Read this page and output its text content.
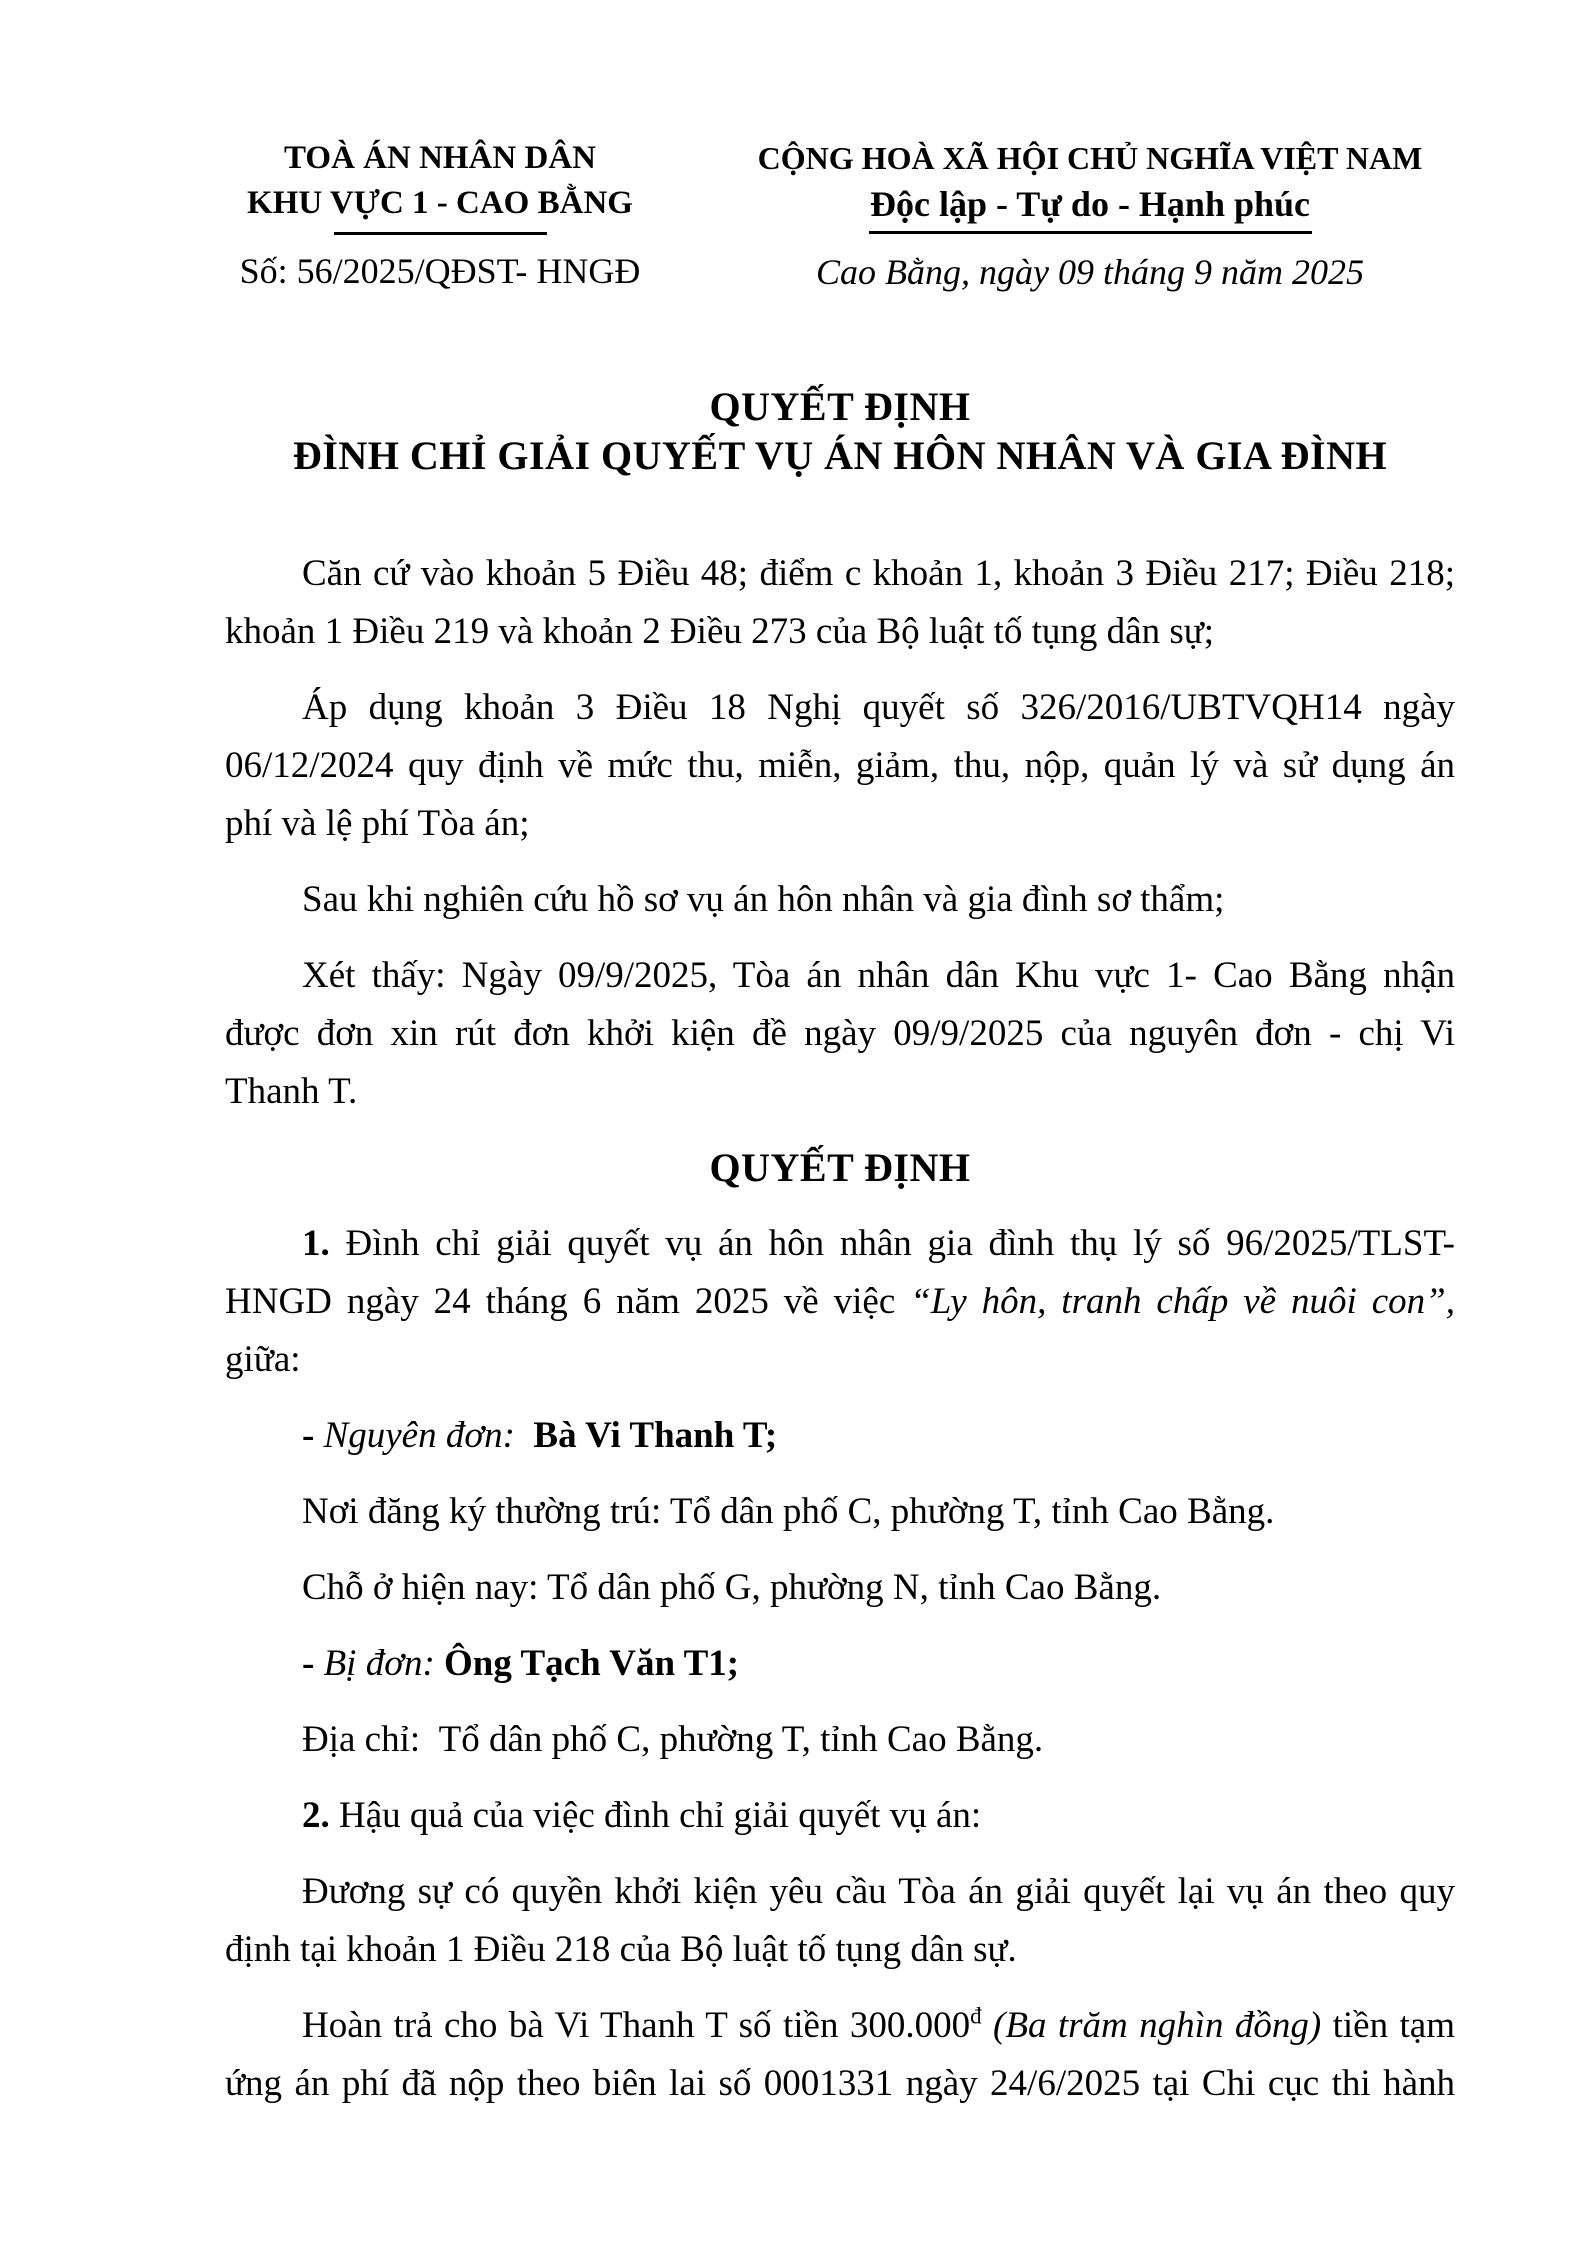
TOÀ ÁN NHÂN DÂN
KHU VỰC 1 - CAO BẰNG
Số: 56/2025/QĐST- HNGĐ
CỘNG HOÀ XÃ HỘI CHỦ NGHĨA VIỆT NAM
Độc lập - Tự do - Hạnh phúc
Cao Bằng, ngày 09 tháng 9 năm 2025
QUYẾT ĐỊNH
ĐÌNH CHỈ GIẢI QUYẾT VỤ ÁN HÔN NHÂN VÀ GIA ĐÌNH
Căn cứ vào khoản 5 Điều 48; điểm c khoản 1, khoản 3 Điều 217; Điều 218;
khoản 1 Điều 219 và khoản 2 Điều 273 của Bộ luật tố tụng dân sự;
Áp dụng khoản 3 Điều 18 Nghị quyết số 326/2016/UBTVQH14 ngày
06/12/2024 quy định về mức thu, miễn, giảm, thu, nộp, quản lý và sử dụng án
phí và lệ phí Tòa án;
Sau khi nghiên cứu hồ sơ vụ án hôn nhân và gia đình sơ thẩm;
Xét thấy: Ngày 09/9/2025, Tòa án nhân dân Khu vực 1- Cao Bằng nhận
được đơn xin rút đơn khởi kiện đề ngày 09/9/2025 của nguyên đơn - chị Vi
Thanh T.
QUYẾT ĐỊNH
1. Đình chỉ giải quyết vụ án hôn nhân gia đình thụ lý số 96/2025/TLST-
HNGD ngày 24 tháng 6 năm 2025 về việc “Ly hôn, tranh chấp về nuôi con”,
giữa:
- Nguyên đơn:  Bà Vi Thanh T;
Nơi đăng ký thường trú: Tổ dân phố C, phường T, tỉnh Cao Bằng.
Chỗ ở hiện nay: Tổ dân phố G, phường N, tỉnh Cao Bằng.
- Bị đơn: Ông Tạch Văn T1;
Địa chỉ:  Tổ dân phố C, phường T, tỉnh Cao Bằng.
2. Hậu quả của việc đình chỉ giải quyết vụ án:
Đương sự có quyền khởi kiện yêu cầu Tòa án giải quyết lại vụ án theo quy
định tại khoản 1 Điều 218 của Bộ luật tố tụng dân sự.
Hoàn trả cho bà Vi Thanh T số tiền $300.000^đ$ (Ba trăm nghìn đồng) tiền tạm
ứng án phí đã nộp theo biên lai số 0001331 ngày 24/6/2025 tại Chi cục thi hành
